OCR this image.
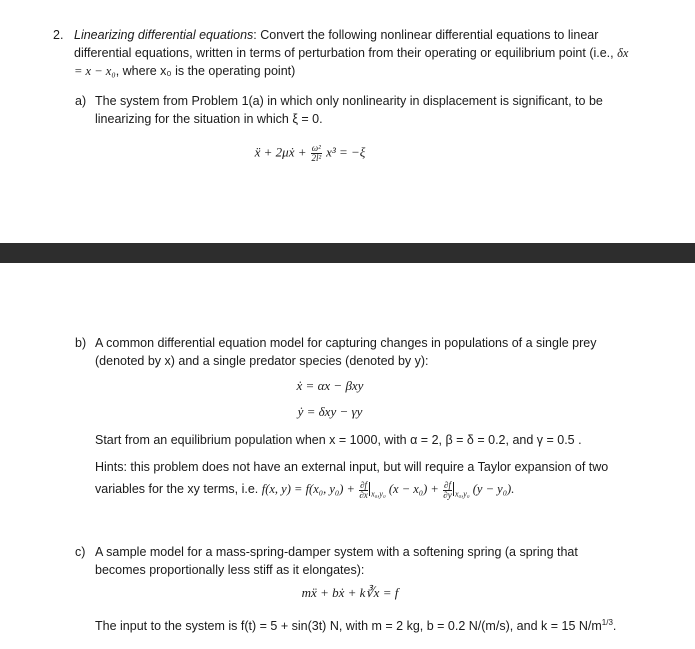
2. Linearizing differential equations: Convert the following nonlinear differential equations to linear differential equations, written in terms of perturbation from their operating or equilibrium point (i.e., δx = x − x₀, where x₀ is the operating point)
a) The system from Problem 1(a) in which only nonlinearity in displacement is significant, to be linearizing for the situation in which ξ = 0.
ẍ + 2μẋ + $\frac{\text{ω²}}{\text{2l²}} x^3 = -\xi$
b) A common differential equation model for capturing changes in populations of a single prey (denoted by x) and a single predator species (denoted by y):
ẋ = αx − βxy
ẏ = δxy − γy
Start from an equilibrium population when x = 1000, with α = 2, β = δ = 0.2, and γ = 0.5 .
Hints: this problem does not have an external input, but will require a Taylor expansion of two
variables for the xy terms, i.e. f(x, y) = f(x₀, $y_0) + \frac{\partial f}{\partial x} _{x_0,y_0}$ $(x - x_0) + \frac{\partial f}{\partial y} _{x_0,y_0}$ (y − y₀).
c) A sample model for a mass-spring-damper system with a softening spring (a spring that becomes proportionally less stiff as it elongates):
mẍ + bẋ + k∛x = f
The input to the system is f(t) = 5 + sin(3t) N, with m = 2 kg, b = 0.2 N/(m/s), and k = 15 $N/m^{1/3}$.
